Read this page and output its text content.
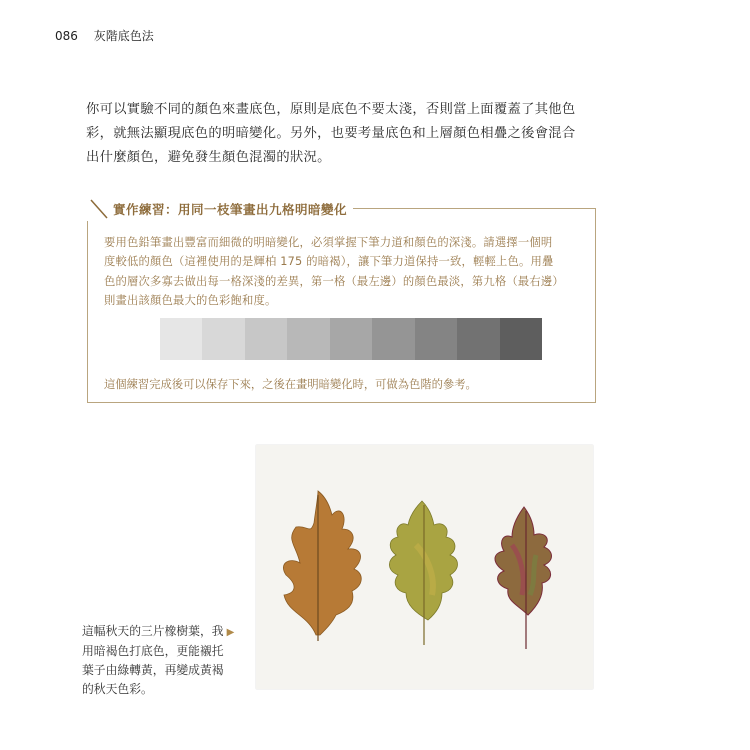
086 灰階底色法

你可以實驗不同的顏色來畫底色，原則是底色不要太淺，否則當上面覆蓋了其他色

彩，就無法顯現底色的明暗變化。另外，也要考量底色和上層顏色相疊之後會混合

出什麼顏色，避免發生顏色混濁的狀況。

實作練習：用同一枝筆畫出九格明暗變化

要用色鉛筆畫出豐富而細微的明暗變化，必須掌握下筆力道和顏色的深淺。請選擇一個明

度較低的顏色（這裡使用的是輝柏 175 的暗褐），讓下筆力道保持一致，輕輕上色。用疊

色的層次多寡去做出每一格深淺的差異，第一格（最左邊）的顏色最淡，第九格（最右邊）

則畫出該顏色最大的色彩飽和度。

這個練習完成後可以保存下來，之後在畫明暗變化時，可做為色階的參考。

這幅秋天的三片橡樹葉，我 ▶

用暗褐色打底色，更能襯托

葉子由綠轉黃，再變成黃褐

的秋天色彩。
